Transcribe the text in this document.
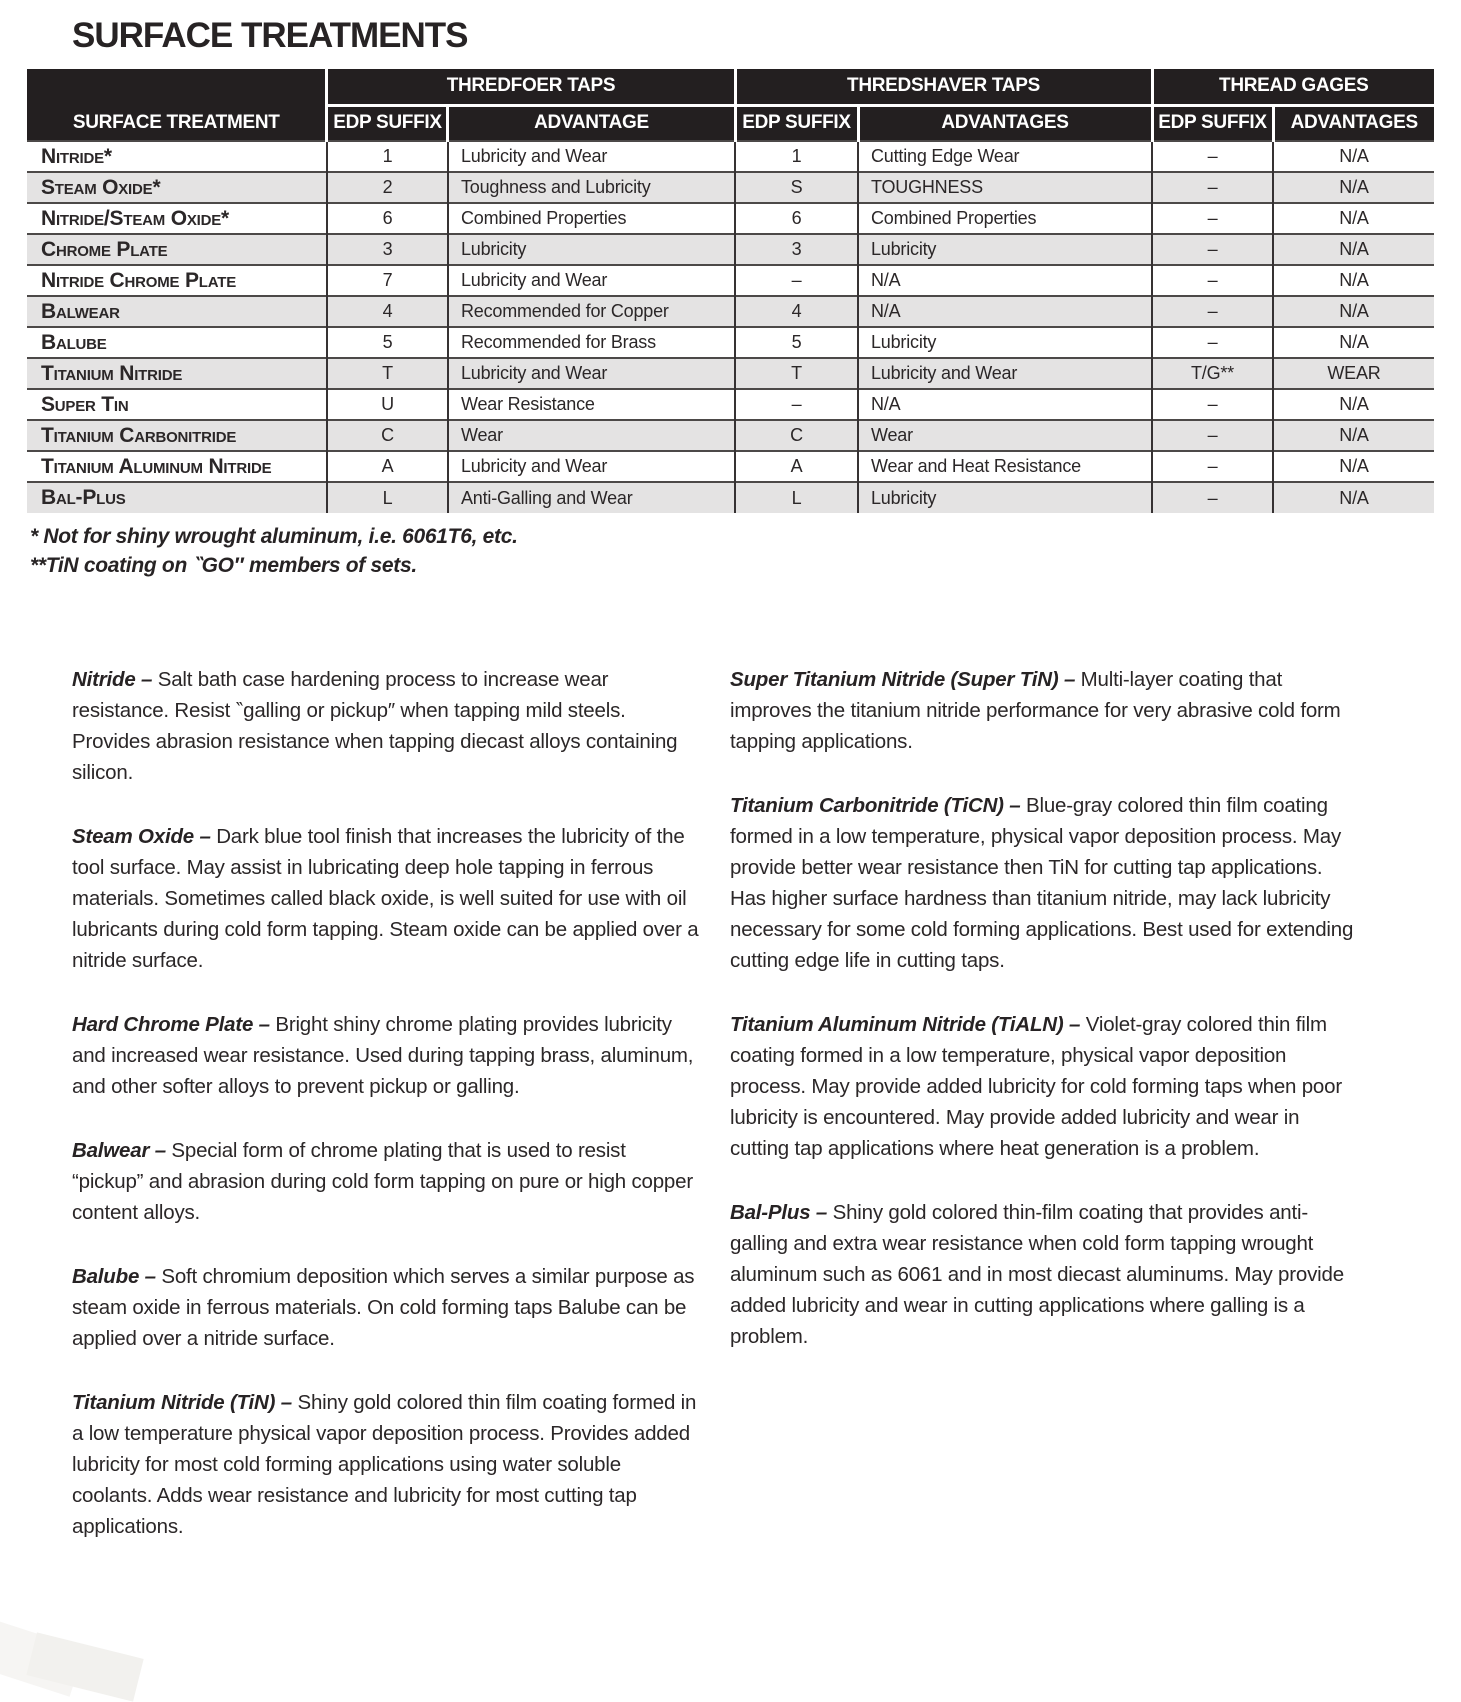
SURFACE TREATMENTS
	THREDFOER TAPS		THREDSHAVER TAPS		THREAD GAGES	
SURFACE TREATMENT	EDP SUFFIX	ADVANTAGE	EDP SUFFIX	ADVANTAGES	EDP SUFFIX	ADVANTAGES
Nitride*	1	Lubricity and Wear	1	Cutting Edge Wear	–	N/A
Steam Oxide*	2	Toughness and Lubricity	S	TOUGHNESS	–	N/A
Nitride/Steam Oxide*	6	Combined Properties	6	Combined Properties	–	N/A
Chrome Plate	3	Lubricity	3	Lubricity	–	N/A
Nitride Chrome Plate	7	Lubricity and Wear	–	N/A	–	N/A
Balwear	4	Recommended for Copper	4	N/A	–	N/A
Balube	5	Recommended for Brass	5	Lubricity	–	N/A
Titanium Nitride	T	Lubricity and Wear	T	Lubricity and Wear	T/G**	WEAR
Super Tin	U	Wear Resistance	–	N/A	–	N/A
Titanium Carbonitride	C	Wear	C	Wear	–	N/A
Titanium Aluminum Nitride	A	Lubricity and Wear	A	Wear and Heat Resistance	–	N/A
Bal-Plus	L	Anti-Galling and Wear	L	Lubricity	–	N/A

* Not for shiny wrought aluminum, i.e. 6061T6, etc.

**TiN coating on ‶GO″ members of sets.

Nitride – Salt bath case hardening process to increase wear resistance. Resist ‶galling or pickup″ when tapping mild steels. Provides abrasion resistance when tapping diecast alloys containing silicon.

Steam Oxide – Dark blue tool finish that increases the lubricity of the tool surface. May assist in lubricating deep hole tapping in ferrous materials. Sometimes called black oxide, is well suited for use with oil lubricants during cold form tapping. Steam oxide can be applied over a nitride surface.

Hard Chrome Plate – Bright shiny chrome plating provides lubricity and increased wear resistance. Used during tapping brass, aluminum, and other softer alloys to prevent pickup or galling.

Balwear – Special form of chrome plating that is used to resist “pickup” and abrasion during cold form tapping on pure or high copper content alloys.

Balube – Soft chromium deposition which serves a similar purpose as steam oxide in ferrous materials. On cold forming taps Balube can be applied over a nitride surface.

Titanium Nitride (TiN) – Shiny gold colored thin film coating formed in a low temperature physical vapor deposition process. Provides added lubricity for most cold forming applications using water soluble coolants. Adds wear resistance and lubricity for most cutting tap applications.

Super Titanium Nitride (Super TiN) – Multi-layer coating that improves the titanium nitride performance for very abrasive cold form tapping applications.

Titanium Carbonitride (TiCN) – Blue-gray colored thin film coating formed in a low temperature, physical vapor deposition process. May provide better wear resistance then TiN for cutting tap applications. Has higher surface hardness than titanium nitride, may lack lubricity necessary for some cold forming applications. Best used for extending cutting edge life in cutting taps.

Titanium Aluminum Nitride (TiALN) – Violet-gray colored thin film coating formed in a low temperature, physical vapor deposition process. May provide added lubricity for cold forming taps when poor lubricity is encountered. May provide added lubricity and wear in cutting tap applications where heat generation is a problem.

Bal-Plus – Shiny gold colored thin-film coating that provides anti-galling and extra wear resistance when cold form tapping wrought aluminum such as 6061 and in most diecast aluminums. May provide added lubricity and wear in cutting applications where galling is a problem.
